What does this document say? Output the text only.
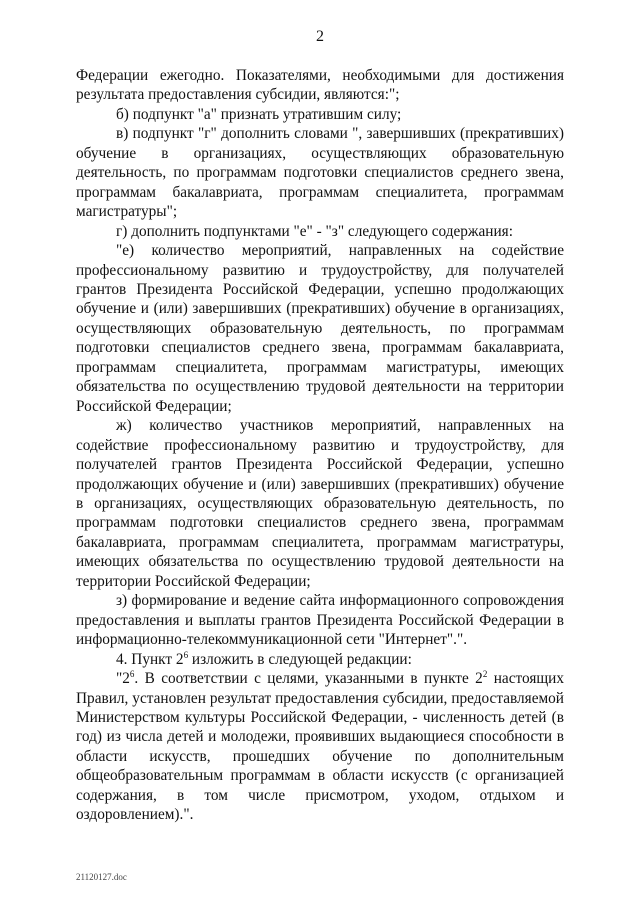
2

Федерации ежегодно. Показателями, необходимыми для достижения результата предоставления субсидии, являются:";

б) подпункт "а" признать утратившим силу;

в) подпункт "г" дополнить словами ", завершивших (прекративших) обучение в организациях, осуществляющих образовательную деятельность, по программам подготовки специалистов среднего звена, программам бакалавриата, программам специалитета, программам магистратуры";

г) дополнить подпунктами "е" - "з" следующего содержания:

"е) количество мероприятий, направленных на содействие профессиональному развитию и трудоустройству, для получателей грантов Президента Российской Федерации, успешно продолжающих обучение и (или) завершивших (прекративших) обучение в организациях, осуществляющих образовательную деятельность, по программам подготовки специалистов среднего звена, программам бакалавриата, программам специалитета, программам магистратуры, имеющих обязательства по осуществлению трудовой деятельности на территории Российской Федерации;

ж) количество участников мероприятий, направленных на содействие профессиональному развитию и трудоустройству, для получателей грантов Президента Российской Федерации, успешно продолжающих обучение и (или) завершивших (прекративших) обучение в организациях, осуществляющих образовательную деятельность, по программам подготовки специалистов среднего звена, программам бакалавриата, программам специалитета, программам магистратуры, имеющих обязательства по осуществлению трудовой деятельности на территории Российской Федерации;

з) формирование и ведение сайта информационного сопровождения предоставления и выплаты грантов Президента Российской Федерации в информационно-телекоммуникационной сети "Интернет".".

4. Пункт $2^6$ изложить в следующей редакции:

"$2^6$. В соответствии с целями, указанными в пункте $2^2$ настоящих Правил, установлен результат предоставления субсидии, предоставляемой Министерством культуры Российской Федерации, - численность детей (в год) из числа детей и молодежи, проявивших выдающиеся способности в области искусств, прошедших обучение по дополнительным общеобразовательным программам в области искусств (с организацией содержания, в том числе присмотром, уходом, отдыхом и оздоровлением).".

21120127.doc
